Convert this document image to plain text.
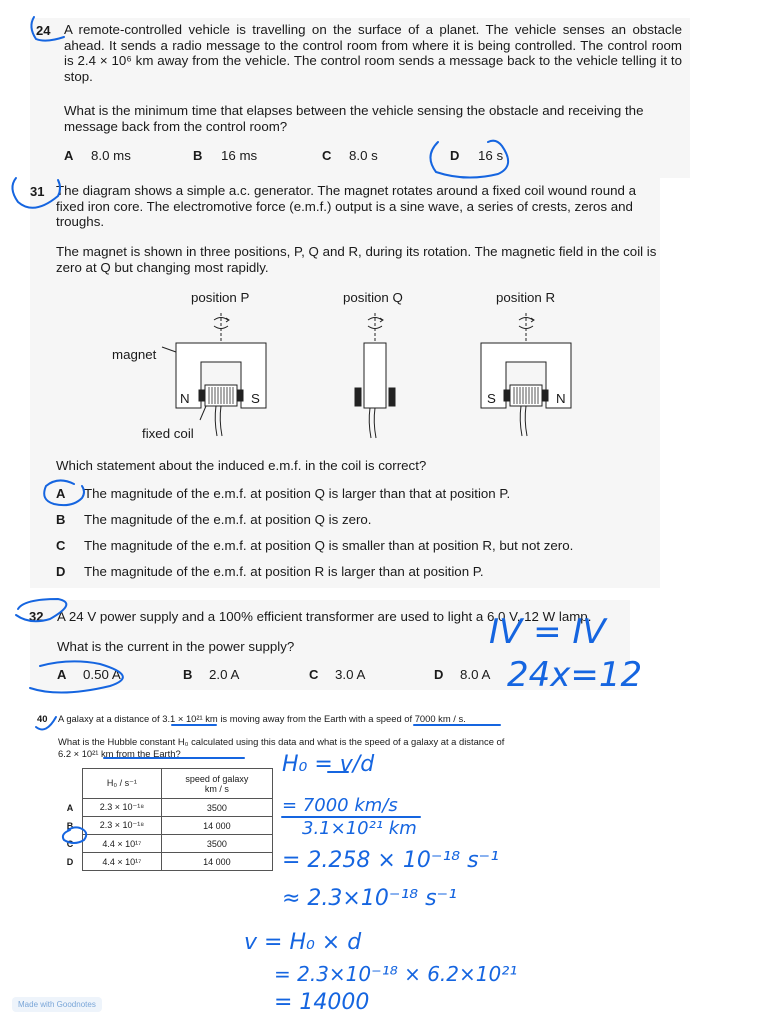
24 A remote-controlled vehicle is travelling on the surface of a planet. The vehicle senses an obstacle ahead. It sends a radio message to the control room from where it is being controlled. The control room is 2.4 × 10⁶ km away from the vehicle. The control room sends a message back to the vehicle telling it to stop.
What is the minimum time that elapses between the vehicle sensing the obstacle and receiving the message back from the control room?
A 8.0 ms	B 16 ms	C 8.0 s	D 16 s
31 The diagram shows a simple a.c. generator. The magnet rotates around a fixed coil wound round a fixed iron core. The electromotive force (e.m.f.) output is a sine wave, a series of crests, zeros and troughs.
The magnet is shown in three positions, P, Q and R, during its rotation. The magnetic field in the coil is zero at Q but changing most rapidly.
position P	position Q	position R
magnet
fixed coil
N	S	S	N
Which statement about the induced e.m.f. in the coil is correct?
A The magnitude of the e.m.f. at position Q is larger than that at position P.
B The magnitude of the e.m.f. at position Q is zero.
C The magnitude of the e.m.f. at position Q is smaller than at position R, but not zero.
D The magnitude of the e.m.f. at position R is larger than at position P.
32 A 24 V power supply and a 100% efficient transformer are used to light a 6.0 V, 12 W lamp.
What is the current in the power supply?
A 0.50 A	B 2.0 A	C 3.0 A	D 8.0 A
40 A galaxy at a distance of 3.1 × 10²¹ km is moving away from the Earth with a speed of 7000 km / s.
What is the Hubble constant H₀ calculated using this data and what is the speed of a galaxy at a distance of 6.2 × 10²¹ km from the Earth?
	H₀ / s⁻¹	speed of galaxy
km / s

A	2.3 × 10⁻¹⁸	3500
B	2.3 × 10⁻¹⁸	14 000
C	4.4 × 10¹⁷	3500
D	4.4 × 10¹⁷	14 000
IV = IV
24x=12
H₀ = v/d
= 7000 km/s
3.1×10²¹ km
= 2.258 × 10⁻¹⁸ s⁻¹
≈ 2.3×10⁻¹⁸ s⁻¹
v = H₀ × d
= 2.3×10⁻¹⁸ × 6.2×10²¹
= 14000
Made with Goodnotes
